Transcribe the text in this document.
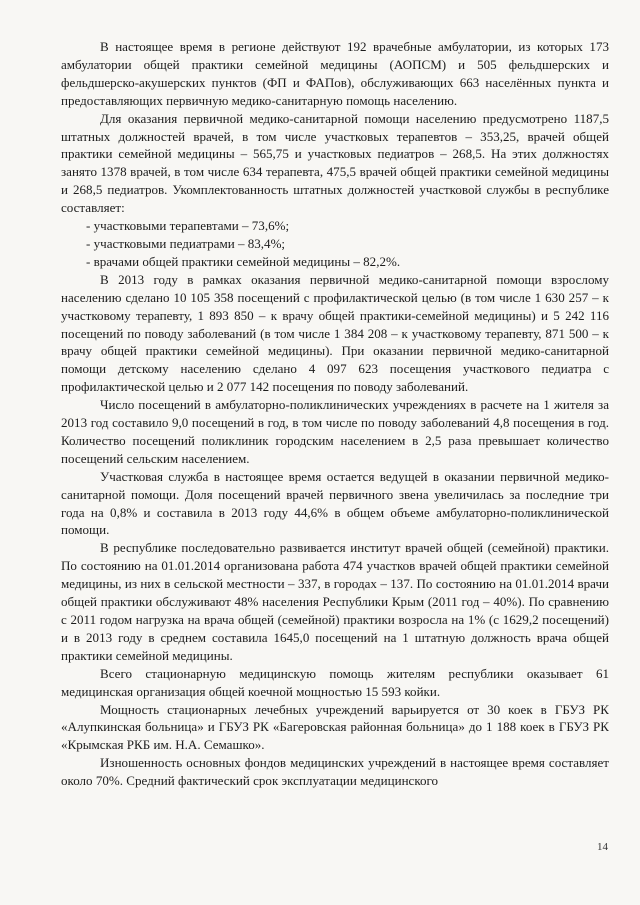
В настоящее время в регионе действуют 192 врачебные амбулатории, из которых 173 амбулатории общей практики семейной медицины (АОПСМ) и 505 фельдшерских и фельдшерско-акушерских пунктов (ФП и ФАПов), обслуживающих 663 населённых пункта и предоставляющих первичную медико-санитарную помощь населению.

Для оказания первичной медико-санитарной помощи населению предусмотрено 1187,5 штатных должностей врачей, в том числе участковых терапевтов – 353,25, врачей общей практики семейной медицины – 565,75 и участковых педиатров – 268,5. На этих должностях занято 1378 врачей, в том числе 634 терапевта, 475,5 врачей общей практики семейной медицины и 268,5 педиатров. Укомплектованность штатных должностей участковой службы в республике составляет:

- участковыми терапевтами – 73,6%;

- участковыми педиатрами – 83,4%;

- врачами общей практики семейной медицины – 82,2%.

В 2013 году в рамках оказания первичной медико-санитарной помощи взрослому населению сделано 10 105 358 посещений с профилактической целью (в том числе 1 630 257 – к участковому терапевту, 1 893 850 – к врачу общей практики-семейной медицины) и 5 242 116 посещений по поводу заболеваний (в том числе 1 384 208 – к участковому терапевту, 871 500 – к врачу общей практики семейной медицины). При оказании первичной медико-санитарной помощи детскому населению сделано 4 097 623 посещения участкового педиатра с профилактической целью и 2 077 142 посещения по поводу заболеваний.

Число посещений в амбулаторно-поликлинических учреждениях в расчете на 1 жителя за 2013 год составило 9,0 посещений в год, в том числе по поводу заболеваний 4,8 посещения в год. Количество посещений поликлиник городским населением в 2,5 раза превышает количество посещений сельским населением.

Участковая служба в настоящее время остается ведущей в оказании первичной медико-санитарной помощи. Доля посещений врачей первичного звена увеличилась за последние три года на 0,8% и составила в 2013 году 44,6% в общем объеме амбулаторно-поликлинической помощи.

В республике последовательно развивается институт врачей общей (семейной) практики. По состоянию на 01.01.2014 организована работа 474 участков врачей общей практики семейной медицины, из них в сельской местности – 337, в городах – 137. По состоянию на 01.01.2014 врачи общей практики обслуживают 48% населения Республики Крым (2011 год – 40%). По сравнению с 2011 годом нагрузка на врача общей (семейной) практики возросла на 1% (с 1629,2 посещений) и в 2013 году в среднем составила 1645,0 посещений на 1 штатную должность врача общей практики семейной медицины.

Всего стационарную медицинскую помощь жителям республики оказывает 61 медицинская организация общей коечной мощностью 15 593 койки.

Мощность стационарных лечебных учреждений варьируется от 30 коек в ГБУЗ РК «Алупкинская больница» и ГБУЗ РК «Багеровская районная больница» до 1 188 коек в ГБУЗ РК «Крымская РКБ им. Н.А. Семашко».

Изношенность основных фондов медицинских учреждений в настоящее время составляет около 70%. Средний фактический срок эксплуатации медицинского

14
